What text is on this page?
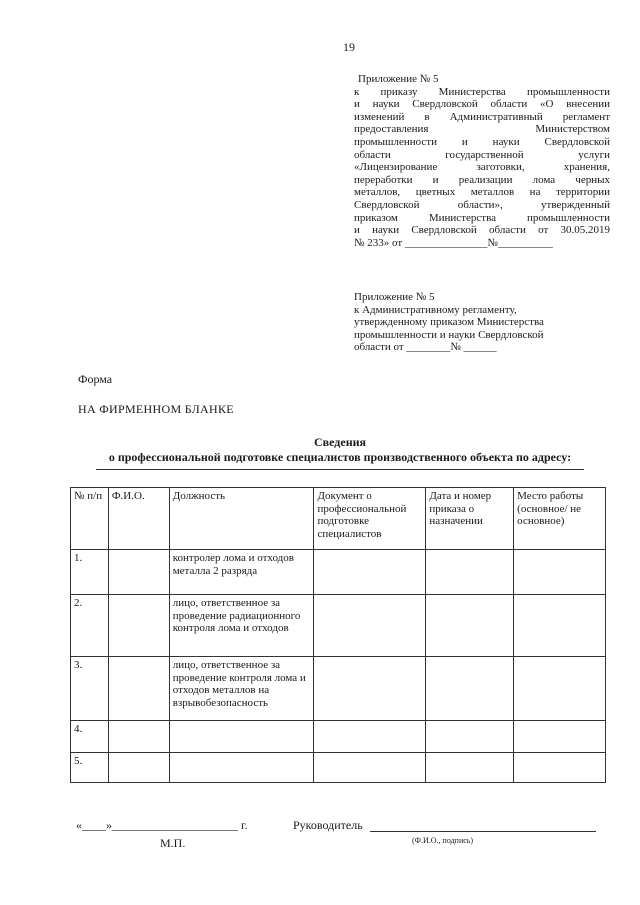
19
Приложение № 5
к приказу Министерства промышленности
и науки Свердловской области «О внесении
изменений в Административный регламент
предоставления Министерством
промышленности и науки Свердловской
области государственной услуги
«Лицензирование заготовки, хранения,
переработки и реализации лома черных
металлов, цветных металлов на территории
Свердловской области», утвержденный
приказом Министерства промышленности
и науки Свердловской области от 30.05.2019
№ 233» от _______________№__________
Приложение № 5
к Административному регламенту,
утвержденному приказом Министерства
промышленности и науки Свердловской
области от ________№ ______
Форма
НА ФИРМЕННОМ БЛАНКЕ
Сведения
о профессиональной подготовке специалистов производственного объекта по адресу:
№ п/п	Ф.И.О.	Должность	Документ о профессиональной подготовке специалистов	Дата и номер приказа о назначении	Место работы (основное/ не основное)
1.		контролер лома и отходов металла 2 разряда			
2.		лицо, ответственное за проведение радиационного контроля лома и отходов			
3.		лицо, ответственное за проведение контроля лома и отходов металлов на взрывобезопасность			
4.					
5.					
«____»_____________________ г.
М.П.
Руководитель
(Ф.И.О., подпись)
